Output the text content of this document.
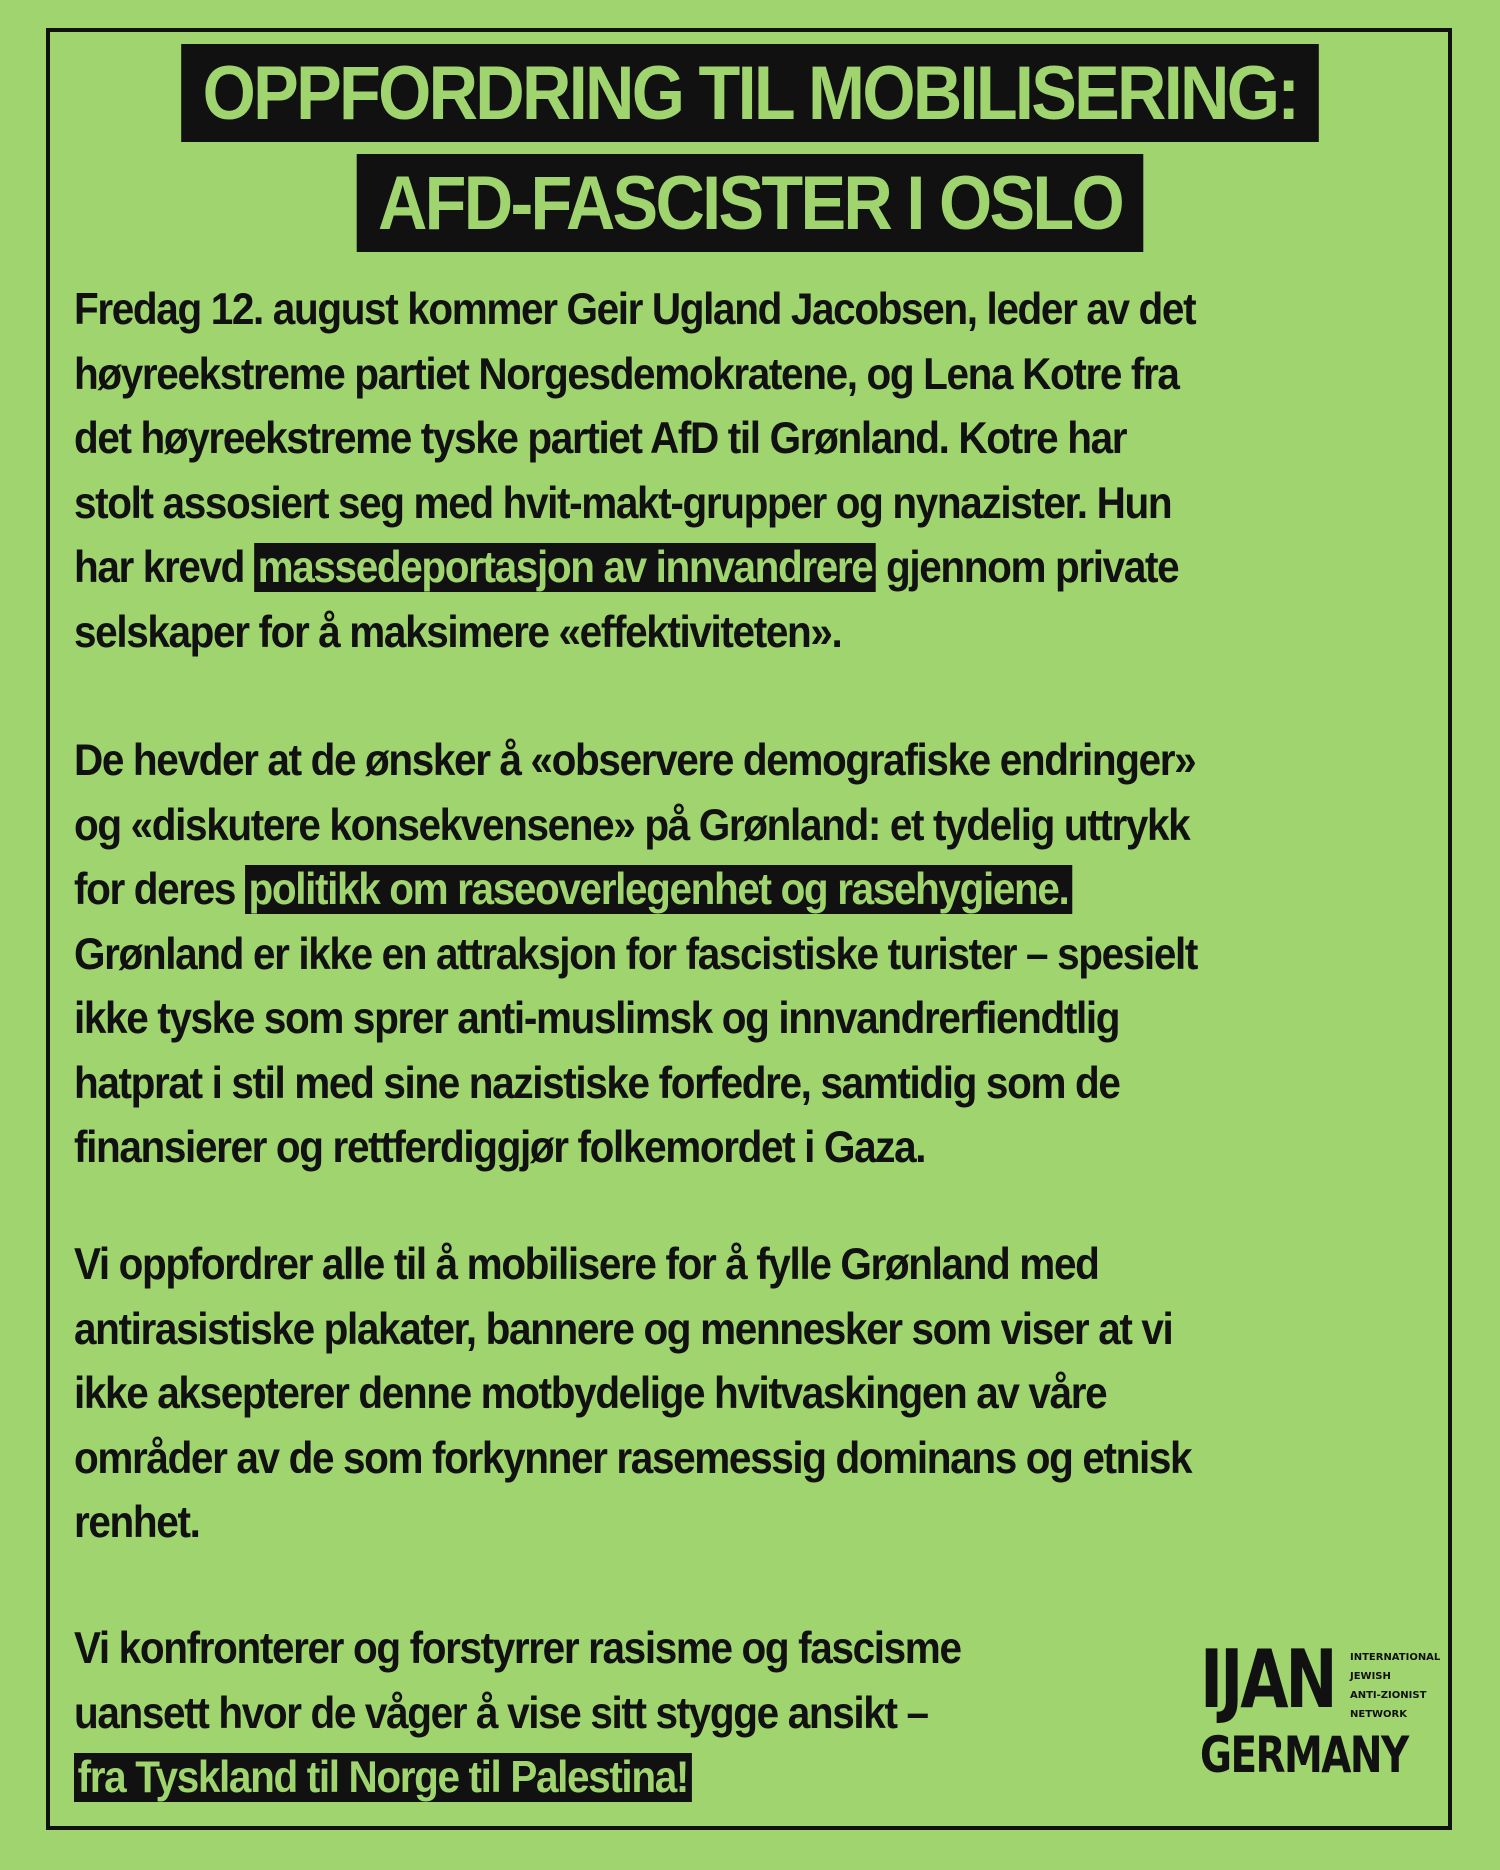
OPPFORDRING TIL MOBILISERING:
AFD-FASCISTER I OSLO
Fredag 12. august kommer Geir Ugland Jacobsen, leder av det
høyreekstreme partiet Norgesdemokratene, og Lena Kotre fra
det høyreekstreme tyske partiet AfD til Grønland. Kotre har
stolt assosiert seg med hvit-makt-grupper og nynazister. Hun
har krevd massedeportasjon av innvandrere gjennom private
selskaper for å maksimere «effektiviteten».
De hevder at de ønsker å «observere demografiske endringer»
og «diskutere konsekvensene» på Grønland: et tydelig uttrykk
for deres politikk om raseoverlegenhet og rasehygiene.
Grønland er ikke en attraksjon for fascistiske turister – spesielt
ikke tyske som sprer anti-muslimsk og innvandrerfiendtlig
hatprat i stil med sine nazistiske forfedre, samtidig som de
finansierer og rettferdiggjør folkemordet i Gaza.
Vi oppfordrer alle til å mobilisere for å fylle Grønland med
antirasistiske plakater, bannere og mennesker som viser at vi
ikke aksepterer denne motbydelige hvitvaskingen av våre
områder av de som forkynner rasemessig dominans og etnisk
renhet.
Vi konfronterer og forstyrrer rasisme og fascisme
uansett hvor de våger å vise sitt stygge ansikt –
fra Tyskland til Norge til Palestina!
IJAN INTERNATIONAL
JEWISH
ANTI-ZIONIST
NETWORK
GERMANY
